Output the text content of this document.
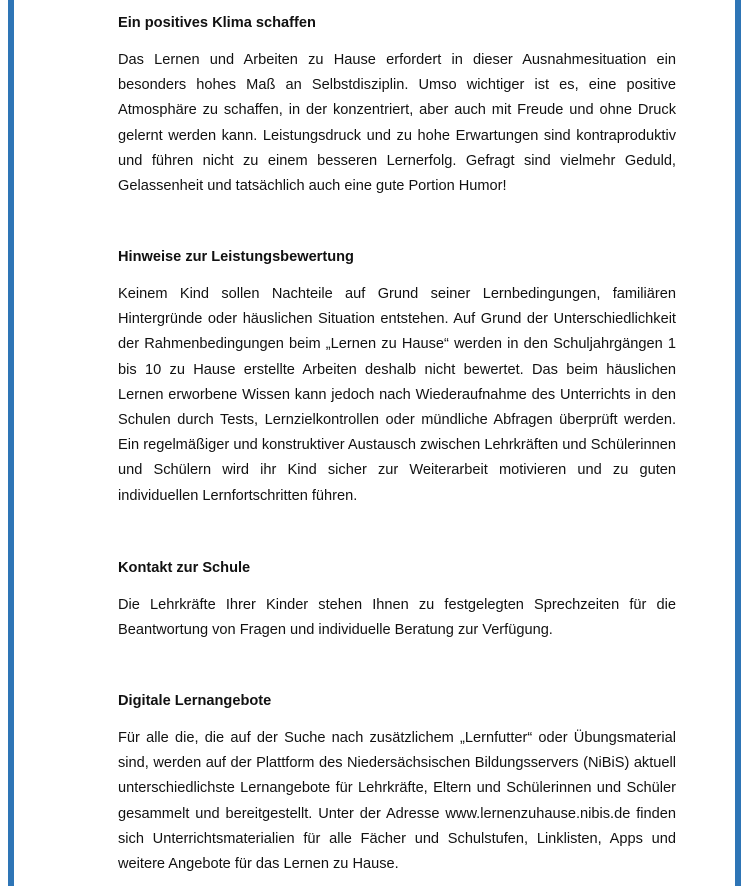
Ein positives Klima schaffen

Das Lernen und Arbeiten zu Hause erfordert in dieser Ausnahmesituation ein besonders hohes Maß an Selbstdisziplin. Umso wichtiger ist es, eine positive Atmosphäre zu schaffen, in der konzentriert, aber auch mit Freude und ohne Druck gelernt werden kann. Leistungsdruck und zu hohe Erwartungen sind kontraproduktiv und führen nicht zu einem besseren Lernerfolg. Gefragt sind vielmehr Geduld, Gelassenheit und tatsächlich auch eine gute Portion Humor!

Hinweise zur Leistungsbewertung

Keinem Kind sollen Nachteile auf Grund seiner Lernbedingungen, familiären Hintergründe oder häuslichen Situation entstehen. Auf Grund der Unterschiedlichkeit der Rahmenbedingungen beim „Lernen zu Hause“ werden in den Schuljahrgängen 1 bis 10 zu Hause erstellte Arbeiten deshalb nicht bewertet. Das beim häuslichen Lernen erworbene Wissen kann jedoch nach Wiederaufnahme des Unterrichts in den Schulen durch Tests, Lernzielkontrollen oder mündliche Abfragen überprüft werden. Ein regelmäßiger und konstruktiver Austausch zwischen Lehrkräften und Schülerinnen und Schülern wird ihr Kind sicher zur Weiterarbeit motivieren und zu guten individuellen Lernfortschritten führen.

Kontakt zur Schule

Die Lehrkräfte Ihrer Kinder stehen Ihnen zu festgelegten Sprechzeiten für die Beantwortung von Fragen und individuelle Beratung zur Verfügung.

Digitale Lernangebote

Für alle die, die auf der Suche nach zusätzlichem „Lernfutter“ oder Übungsmaterial sind, werden auf der Plattform des Niedersächsischen Bildungsservers (NiBiS) aktuell unterschiedlichste Lernangebote für Lehrkräfte, Eltern und Schülerinnen und Schüler gesammelt und bereitgestellt. Unter der Adresse www.lernenzuhause.nibis.de finden sich Unterrichtsmaterialien für alle Fächer und Schulstufen, Linklisten, Apps und weitere Angebote für das Lernen zu Hause.
